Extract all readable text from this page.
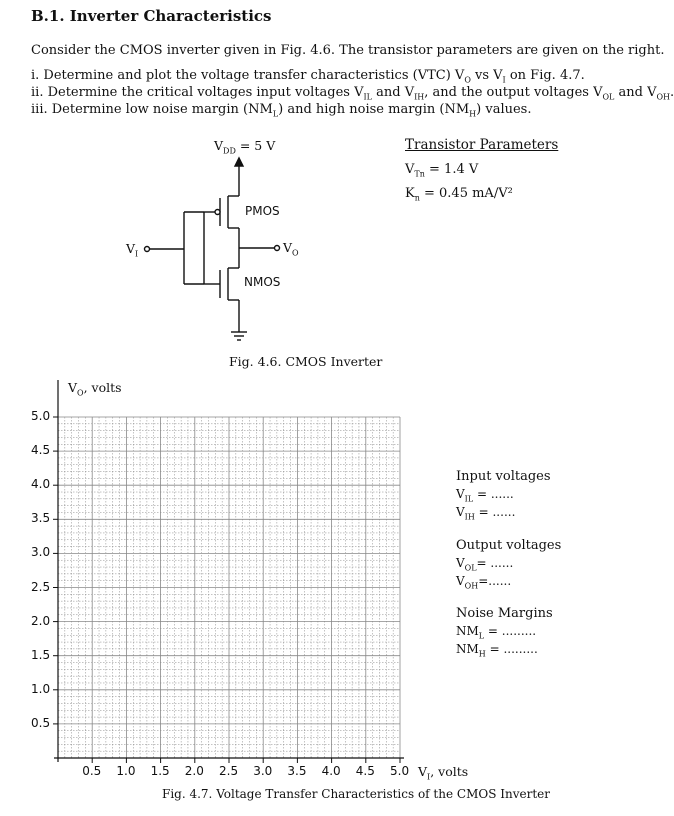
B.1. Inverter Characteristics
Consider the CMOS inverter given in Fig. 4.6. The transistor parameters are given on the right.
i. Determine and plot the voltage transfer characteristics (VTC) $V_O$ vs $V_I$ on Fig. 4.7.
ii. Determine the critical voltages input voltages $V_{IL}$ and $V_{IH}$, and the output voltages $V_{OL}$ and $V_{OH}$.
iii. Determine low noise margin $(NM_L)$ and high noise margin $(NM_H)$ values.
$V_{DD} = 5$ V
PMOS
NMOS
$V_I$	$V_O$
Fig. 4.6. CMOS Inverter
Transistor Parameters
$V_{Tn} = 1.4$ V
$K_n = 0.45$ mA/V²
$V_O$, volts
$V_I$, volts
0.5 1.0 1.5 2.0 2.5 3.0 3.5 4.0 4.5 5.0
5.0
4.5
4.0
3.5
3.0
2.5
2.0
1.5
1.0
0.5
Fig. 4.7. Voltage Transfer Characteristics of the CMOS Inverter
Input voltages
$V_{IL}$ = ......
$V_{IH}$ = ......
Output voltages
$V_{OL}=$ ......
$V_{OH}=$......
Noise Margins
$NM_L$ = .........
$NM_H$ = .........
